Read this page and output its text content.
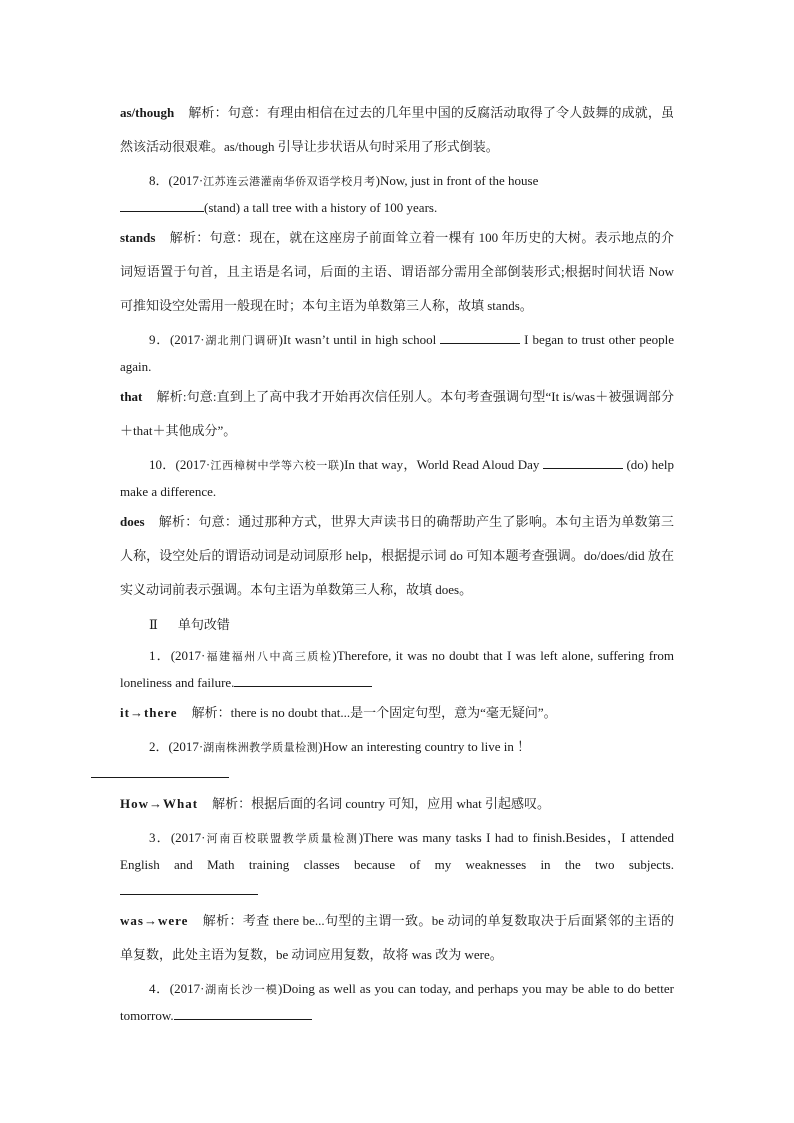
as/though 解析：句意：有理由相信在过去的几年里中国的反腐活动取得了令人鼓舞的成就，虽然该活动很艰难。as/though 引导让步状语从句时采用了形式倒装。

8．(2017·江苏连云港灌南华侨双语学校月考)Now, just in front of the house
(stand) a tall tree with a history of 100 years.

stands 解析：句意：现在，就在这座房子前面耸立着一棵有 100 年历史的大树。表示地点的介词短语置于句首，且主语是名词，后面的主语、谓语部分需用全部倒装形式;根据时间状语 Now 可推知设空处需用一般现在时；本句主语为单数第三人称，故填 stands。

9．(2017·湖北荆门调研)It wasn’t until in high school	I began to trust other people again.

that 解析:句意:直到上了高中我才开始再次信任别人。本句考查强调句型“It is/was＋被强调部分＋that＋其他成分”。

10．(2017·江西樟树中学等六校一联)In that way，World Read Aloud Day	(do) help make a difference.

does 解析：句意：通过那种方式，世界大声读书日的确帮助产生了影响。本句主语为单数第三人称，设空处后的谓语动词是动词原形 help，根据提示词 do 可知本题考查强调。do/does/did 放在实义动词前表示强调。本句主语为单数第三人称，故填 does。

Ⅱ 单句改错

1．(2017·福建福州八中高三质检)Therefore, it was no doubt that I was left alone, suffering from loneliness and failure.

it→there 解析：there is no doubt that...是一个固定句型，意为“毫无疑问”。

2．(2017·湖南株洲教学质量检测)How an interesting country to live in ！

How→What 解析：根据后面的名词 country 可知，应用 what 引起感叹。

3．(2017·河南百校联盟教学质量检测)There was many tasks I had to finish.Besides，I attended English and Math training classes because of my weaknesses in the two subjects.

was→were 解析：考查 there be...句型的主谓一致。be 动词的单复数取决于后面紧邻的主语的单复数，此处主语为复数，be 动词应用复数，故将 was 改为 were。

4．(2017·湖南长沙一模)Doing as well as you can today, and perhaps you may be able to do better tomorrow.
